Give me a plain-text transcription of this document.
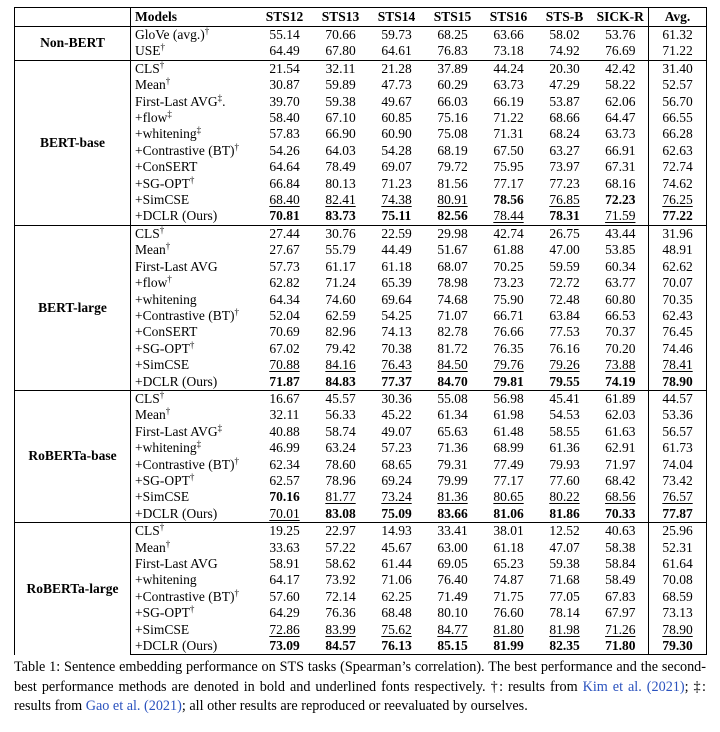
	Models	STS12	STS13	STS14	STS15	STS16	STS-B	SICK-R	Avg.
Non-BERT	GloVe (avg.)†	55.14	70.66	59.73	68.25	63.66	58.02	53.76	61.32
	USE†	64.49	67.80	64.61	76.83	73.18	74.92	76.69	71.22
BERT-base	CLS†	21.54	32.11	21.28	37.89	44.24	20.30	42.42	31.40
	Mean†	30.87	59.89	47.73	60.29	63.73	47.29	58.22	52.57
	First-Last AVG‡.	39.70	59.38	49.67	66.03	66.19	53.87	62.06	56.70
	+flow‡	58.40	67.10	60.85	75.16	71.22	68.66	64.47	66.55
	+whitening‡	57.83	66.90	60.90	75.08	71.31	68.24	63.73	66.28
	+Contrastive (BT)†	54.26	64.03	54.28	68.19	67.50	63.27	66.91	62.63
	+ConSERT	64.64	78.49	69.07	79.72	75.95	73.97	67.31	72.74
	+SG-OPT†	66.84	80.13	71.23	81.56	77.17	77.23	68.16	74.62
	+SimCSE	68.40	82.41	74.38	80.91	78.56	76.85	72.23	76.25
	+DCLR (Ours)	70.81	83.73	75.11	82.56	78.44	78.31	71.59	77.22
BERT-large	CLS†	27.44	30.76	22.59	29.98	42.74	26.75	43.44	31.96
	Mean†	27.67	55.79	44.49	51.67	61.88	47.00	53.85	48.91
	First-Last AVG	57.73	61.17	61.18	68.07	70.25	59.59	60.34	62.62
	+flow†	62.82	71.24	65.39	78.98	73.23	72.72	63.77	70.07
	+whitening	64.34	74.60	69.64	74.68	75.90	72.48	60.80	70.35
	+Contrastive (BT)†	52.04	62.59	54.25	71.07	66.71	63.84	66.53	62.43
	+ConSERT	70.69	82.96	74.13	82.78	76.66	77.53	70.37	76.45
	+SG-OPT†	67.02	79.42	70.38	81.72	76.35	76.16	70.20	74.46
	+SimCSE	70.88	84.16	76.43	84.50	79.76	79.26	73.88	78.41
	+DCLR (Ours)	71.87	84.83	77.37	84.70	79.81	79.55	74.19	78.90
RoBERTa-base	CLS†	16.67	45.57	30.36	55.08	56.98	45.41	61.89	44.57
	Mean†	32.11	56.33	45.22	61.34	61.98	54.53	62.03	53.36
	First-Last AVG‡	40.88	58.74	49.07	65.63	61.48	58.55	61.63	56.57
	+whitening‡	46.99	63.24	57.23	71.36	68.99	61.36	62.91	61.73
	+Contrastive (BT)†	62.34	78.60	68.65	79.31	77.49	79.93	71.97	74.04
	+SG-OPT†	62.57	78.96	69.24	79.99	77.17	77.60	68.42	73.42
	+SimCSE	70.16	81.77	73.24	81.36	80.65	80.22	68.56	76.57
	+DCLR (Ours)	70.01	83.08	75.09	83.66	81.06	81.86	70.33	77.87
RoBERTa-large	CLS†	19.25	22.97	14.93	33.41	38.01	12.52	40.63	25.96
	Mean†	33.63	57.22	45.67	63.00	61.18	47.07	58.38	52.31
	First-Last AVG	58.91	58.62	61.44	69.05	65.23	59.38	58.84	61.64
	+whitening	64.17	73.92	71.06	76.40	74.87	71.68	58.49	70.08
	+Contrastive (BT)†	57.60	72.14	62.25	71.49	71.75	77.05	67.83	68.59
	+SG-OPT†	64.29	76.36	68.48	80.10	76.60	78.14	67.97	73.13
	+SimCSE	72.86	83.99	75.62	84.77	81.80	81.98	71.26	78.90
	+DCLR (Ours)	73.09	84.57	76.13	85.15	81.99	82.35	71.80	79.30

Table 1: Sentence embedding performance on STS tasks (Spearman’s correlation). The best performance and the second-best performance methods are denoted in bold and underlined fonts respectively. †: results from Kim et al. (2021); ‡: results from Gao et al. (2021); all other results are reproduced or reevaluated by ourselves.
